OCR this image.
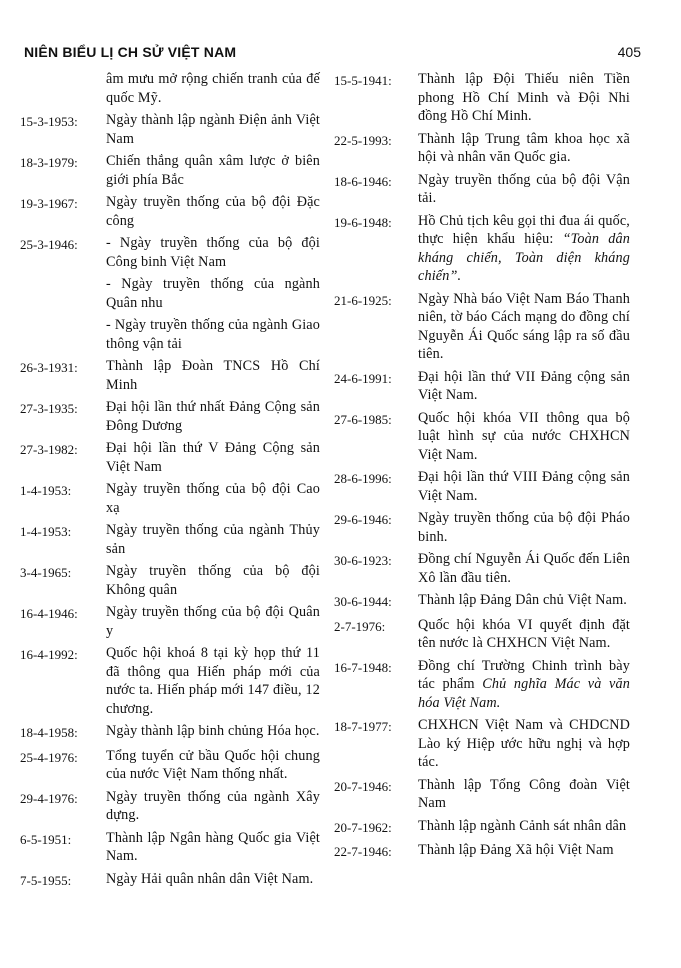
NIÊN BIỂU LỊ CH SỬ VIỆT NAM	405
âm mưu mở rộng chiến tranh của đế quốc Mỹ.
15-3-1953:	Ngày thành lập ngành Điện ảnh Việt Nam
18-3-1979:	Chiến thắng quân xâm lược ở biên giới phía Bắc
19-3-1967:	Ngày truyền thống của bộ đội Đặc công
25-3-1946:	- Ngày truyền thống của bộ đội Công binh Việt Nam
- Ngày truyền thống của ngành Quân nhu
- Ngày truyền thống của ngành Giao thông vận tải
26-3-1931:	Thành lập Đoàn TNCS Hồ Chí Minh
27-3-1935:	Đại hội lần thứ nhất Đảng Cộng sản Đông Dương
27-3-1982:	Đại hội lần thứ V Đảng Cộng sản Việt Nam
1-4-1953:	Ngày truyền thống của bộ đội Cao xạ
1-4-1953:	Ngày truyền thống của ngành Thủy sản
3-4-1965:	Ngày truyền thống của bộ đội Không quân
16-4-1946:	Ngày truyền thống của bộ đội Quân y
16-4-1992:	Quốc hội khoá 8 tại kỳ họp thứ 11 đã thông qua Hiến pháp mới của nước ta. Hiến pháp mới 147 điều, 12 chương.
18-4-1958:	Ngày thành lập binh chủng Hóa học.
25-4-1976:	Tổng tuyển cử bầu Quốc hội chung của nước Việt Nam thống nhất.
29-4-1976:	Ngày truyền thống của ngành Xây dựng.
6-5-1951:	Thành lập Ngân hàng Quốc gia Việt Nam.
7-5-1955:	Ngày Hải quân nhân dân Việt Nam.
15-5-1941:	Thành lập Đội Thiếu niên Tiền phong Hồ Chí Minh và Đội Nhi đồng Hồ Chí Minh.
22-5-1993:	Thành lập Trung tâm khoa học xã hội và nhân văn Quốc gia.
18-6-1946:	Ngày truyền thống của bộ đội Vận tải.
19-6-1948:	Hồ Chủ tịch kêu gọi thi đua ái quốc, thực hiện khẩu hiệu: “Toàn dân kháng chiến, Toàn diện kháng chiến”.
21-6-1925:	Ngày Nhà báo Việt Nam Báo Thanh niên, tờ báo Cách mạng do đồng chí Nguyễn Ái Quốc sáng lập ra số đầu tiên.
24-6-1991:	Đại hội lần thứ VII Đảng cộng sản Việt Nam.
27-6-1985:	Quốc hội khóa VII thông qua bộ luật hình sự của nước CHXHCN Việt Nam.
28-6-1996:	Đại hội lần thứ VIII Đảng cộng sản Việt Nam.
29-6-1946:	Ngày truyền thống của bộ đội Pháo binh.
30-6-1923:	Đồng chí Nguyễn Ái Quốc đến Liên Xô lần đầu tiên.
30-6-1944:	Thành lập Đảng Dân chủ Việt Nam.
2-7-1976:	Quốc hội khóa VI quyết định đặt tên nước là CHXHCN Việt Nam.
16-7-1948:	Đồng chí Trường Chinh trình bày tác phẩm Chủ nghĩa Mác và văn hóa Việt Nam.
18-7-1977:	CHXHCN Việt Nam và CHDCND Lào ký Hiệp ước hữu nghị và hợp tác.
20-7-1946:	Thành lập Tổng Công đoàn Việt Nam
20-7-1962:	Thành lập ngành Cảnh sát nhân dân
22-7-1946:	Thành lập Đảng Xã hội Việt Nam
